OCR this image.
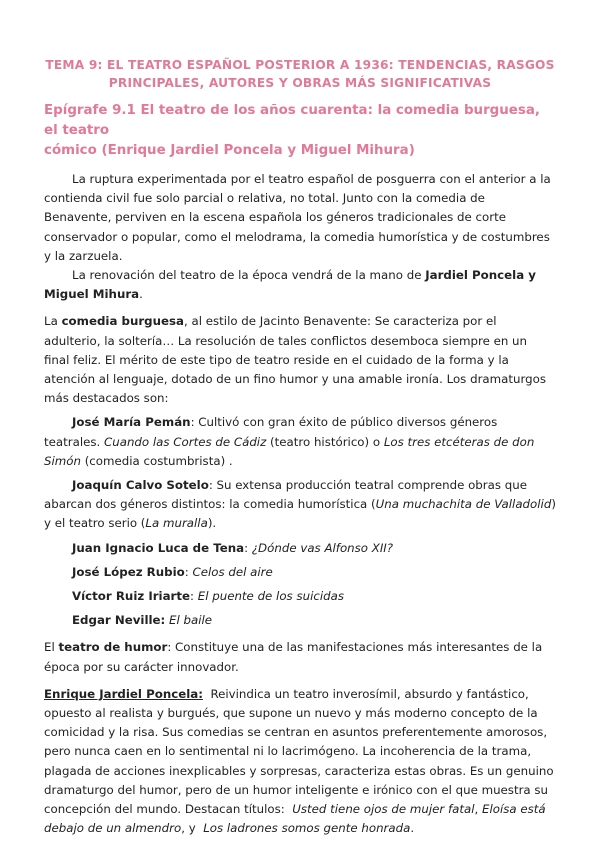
TEMA 9: EL TEATRO ESPAÑOL POSTERIOR A 1936: TENDENCIAS, RASGOS
PRINCIPALES, AUTORES Y OBRAS MÁS SIGNIFICATIVAS
Epígrafe 9.1 El teatro de los años cuarenta: la comedia burguesa, el teatro
cómico (Enrique Jardiel Poncela y Miguel Mihura)

La ruptura experimentada por el teatro español de posguerra con el anterior a la contienda civil fue solo parcial o relativa, no total. Junto con la comedia de Benavente, perviven en la escena española los géneros tradicionales de corte conservador o popular, como el melodrama, la comedia humorística y de costumbres y la zarzuela.

La renovación del teatro de la época vendrá de la mano de Jardiel Poncela y Miguel Mihura.

La comedia burguesa, al estilo de Jacinto Benavente: Se caracteriza por el adulterio, la soltería… La resolución de tales conflictos desemboca siempre en un final feliz. El mérito de este tipo de teatro reside en el cuidado de la forma y la atención al lenguaje, dotado de un fino humor y una amable ironía. Los dramaturgos más destacados son:

José María Pemán: Cultivó con gran éxito de público diversos géneros teatrales. Cuando las Cortes de Cádiz (teatro histórico) o Los tres etcéteras de don Simón (comedia costumbrista) .

Joaquín Calvo Sotelo: Su extensa producción teatral comprende obras que abarcan dos géneros distintos: la comedia humorística (Una muchachita de Valladolid) y el teatro serio (La muralla).

Juan Ignacio Luca de Tena: ¿Dónde vas Alfonso XII?

José López Rubio: Celos del aire

Víctor Ruiz Iriarte: El puente de los suicidas

Edgar Neville: El baile

El teatro de humor: Constituye una de las manifestaciones más interesantes de la época por su carácter innovador.

Enrique Jardiel Poncela:  Reivindica un teatro inverosímil, absurdo y fantástico, opuesto al realista y burgués, que supone un nuevo y más moderno concepto de la comicidad y la risa. Sus comedias se centran en asuntos preferentemente amorosos, pero nunca caen en lo sentimental ni lo lacrimógeno. La incoherencia de la trama, plagada de acciones inexplicables y sorpresas, caracteriza estas obras. Es un genuino dramaturgo del humor, pero de un humor inteligente e irónico con el que muestra su concepción del mundo. Destacan títulos:  Usted tiene ojos de mujer fatal, Eloísa está debajo de un almendro, y  Los ladrones somos gente honrada.
